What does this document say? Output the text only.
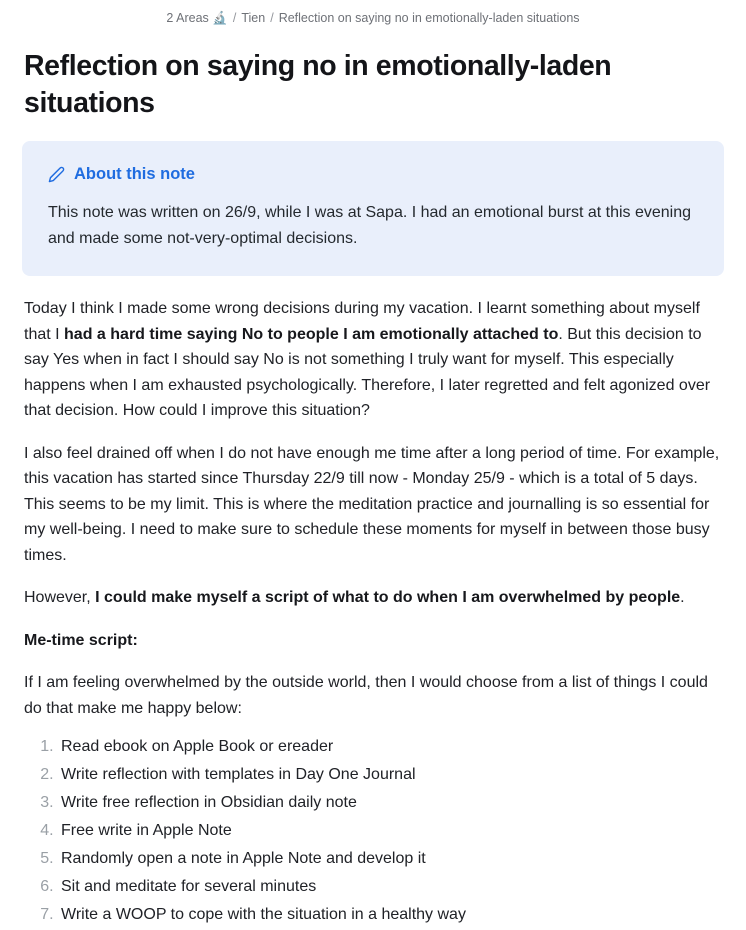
2 Areas 🔬 / Tien / Reflection on saying no in emotionally-laden situations
Reflection on saying no in emotionally-laden situations
About this note
This note was written on 26/9, while I was at Sapa. I had an emotional burst at this evening and made some not-very-optimal decisions.

Today I think I made some wrong decisions during my vacation. I learnt something about myself that I had a hard time saying No to people I am emotionally attached to. But this decision to say Yes when in fact I should say No is not something I truly want for myself. This especially happens when I am exhausted psychologically. Therefore, I later regretted and felt agonized over that decision. How could I improve this situation?

I also feel drained off when I do not have enough me time after a long period of time. For example, this vacation has started since Thursday 22/9 till now - Monday 25/9 - which is a total of 5 days. This seems to be my limit. This is where the meditation practice and journalling is so essential for my well-being. I need to make sure to schedule these moments for myself in between those busy times.

However, I could make myself a script of what to do when I am overwhelmed by people.

Me-time script:

If I am feeling overwhelmed by the outside world, then I would choose from a list of things I could do that make me happy below:

1. Read ebook on Apple Book or ereader
2. Write reflection with templates in Day One Journal
3. Write free reflection in Obsidian daily note
4. Free write in Apple Note
5. Randomly open a note in Apple Note and develop it
6. Sit and meditate for several minutes
7. Write a WOOP to cope with the situation in a healthy way
